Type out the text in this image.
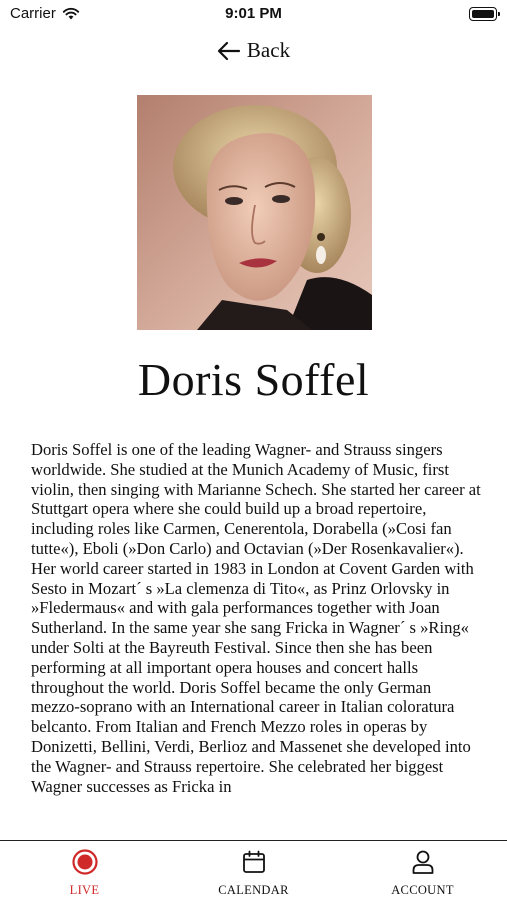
Carrier	9:01 PM
Back
Doris Soffel

Doris Soffel is one of the leading Wagner- and Strauss singers worldwide. She studied at the Munich Academy of Music, first violin, then singing with Marianne Schech. She started her career at Stuttgart opera where she could build up a broad repertoire, including roles like Carmen, Cenerentola, Dorabella (»Cosi fan tutte«), Eboli (»Don Carlo) and Octavian (»Der Rosenkavalier«). Her world career started in 1983 in London at Covent Garden with Sesto in Mozart´ s »La clemenza di Tito«, as Prinz Orlovsky in »Fledermaus« and with gala performances together with Joan Sutherland. In the same year she sang Fricka in Wagner´ s »Ring« under Solti at the Bayreuth Festival. Since then she has been performing at all important opera houses and concert halls throughout the world. Doris Soffel became the only German mezzo-soprano with an International career in Italian coloratura belcanto. From Italian and French Mezzo roles in operas by Donizetti, Bellini, Verdi, Berlioz and Massenet she developed into the Wagner- and Strauss repertoire. She celebrated her biggest Wagner successes as Fricka in

LIVE	CALENDAR	ACCOUNT
